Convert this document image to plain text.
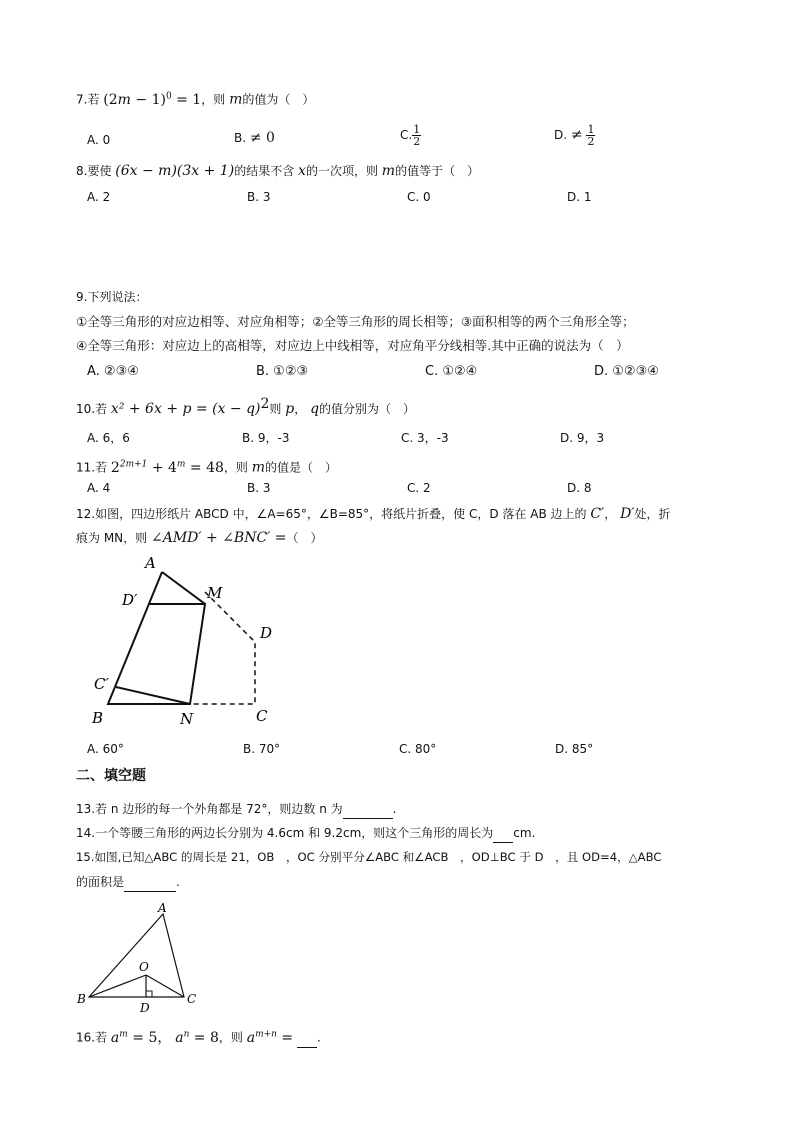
7.若 $(2m - 1)^0 = 1$，则 m的值为（　）
A. 0	B. ≠ 0	C. $\frac{1}{2}$	D. ≠ $\frac{1}{2}$
8.要使 (6x − m)(3x + 1)的结果不含 x的一次项，则 m的值等于（　）
A. 2	B. 3	C. 0	D. 1
9.下列说法：
①全等三角形的对应边相等、对应角相等；②全等三角形的周长相等；③面积相等的两个三角形全等；
④全等三角形：对应边上的高相等，对应边上中线相等，对应角平分线相等.其中正确的说法为（　）
A. ②③④	B. ①②③	C. ①②④	D. ①②③④
10.若 $x^2 + 6x + p = (x - q)^2$则 p， q的值分别为（　）
A. 6，6	B. 9，-3	C. 3，-3	D. 9，3
11.若 $2^{2m+1} + 4^m = 48$，则 m的值是（　）
A. 4	B. 3	C. 2	D. 8
12.如图，四边形纸片 ABCD 中，∠A=65°，∠B=85°，将纸片折叠，使 C，D 落在 AB 边上的 C′， D′处，折
痕为 MN，则 ∠AMD′ + ∠BNC′ =（　）
A
D′	M
D
C′
B	N	C
A. 60°	B. 70°	C. 80°	D. 85°
二、填空题
13.若 n 边形的每一个外角都是 72°，则边数 n 为	.
14.一个等腰三角形的两边长分别为 4.6cm 和 9.2cm，则这个三角形的周长为 cm.
15.如图,已知△ABC 的周长是 21，OB　，OC 分别平分∠ABC 和∠ACB　，OD⊥BC 于 D　，且 OD=4，△ABC
的面积是	.
A
O
B	C
D
16.若 $a^m = 5$， $a^n = 8$，则 $a^{m+n}$ = .
